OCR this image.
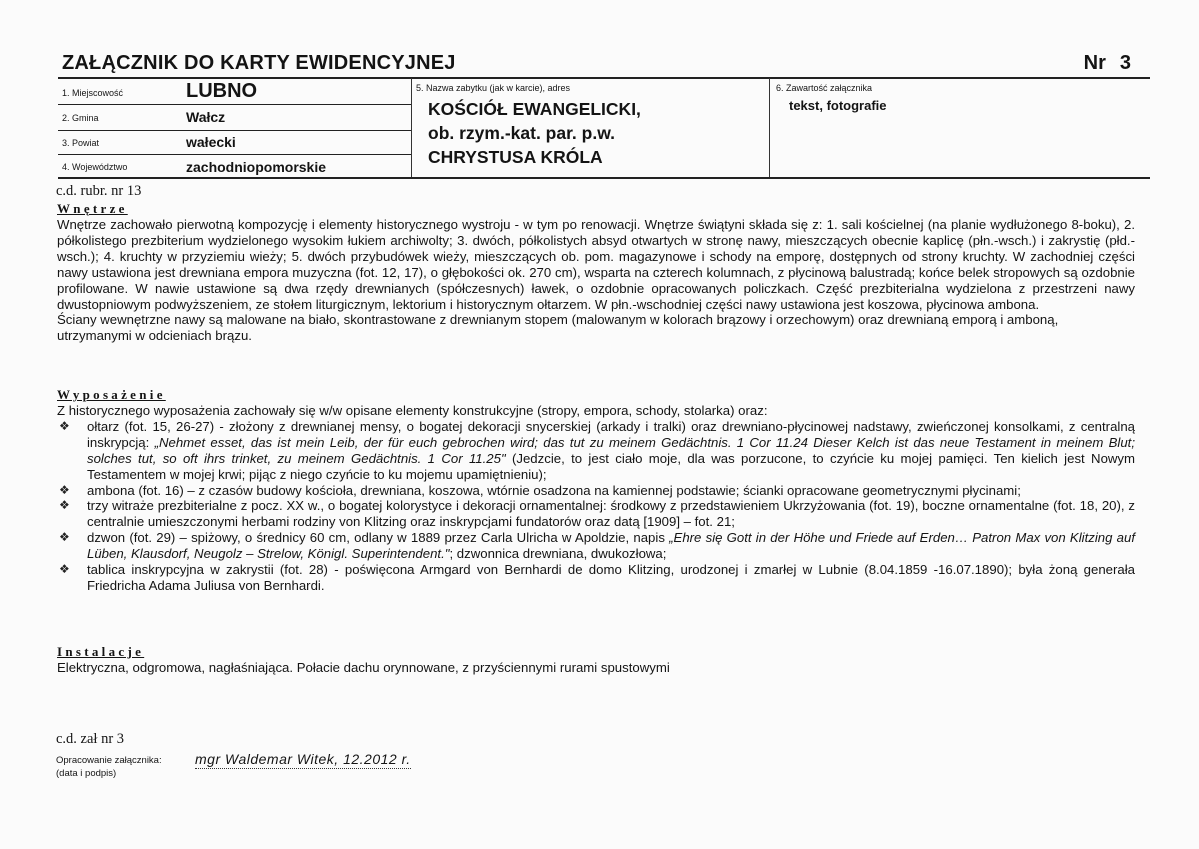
ZAŁĄCZNIK DO KARTY EWIDENCYJNEJ	Nr 3
1. Miejscowość	LUBNO
2. Gmina	Wałcz
3. Powiat	wałecki
4. Województwo	zachodniopomorskie
5. Nazwa zabytku (jak w karcie), adres
KOŚCIÓŁ EWANGELICKI,
ob. rzym.-kat. par. p.w.
CHRYSTUSA KRÓLA
6. Zawartość załącznika
tekst, fotografie
c.d. rubr. nr 13
Wnętrze

Wnętrze zachowało pierwotną kompozycję i elementy historycznego wystroju - w tym po renowacji. Wnętrze świątyni składa się z: 1. sali kościelnej (na planie wydłużonego 8-boku), 2. półkolistego prezbiterium wydzielonego wysokim łukiem archiwolty; 3. dwóch, półkolistych absyd otwartych w stronę nawy, mieszczących obecnie kaplicę (płn.-wsch.) i zakrystię (płd.-wsch.); 4. kruchty w przyziemiu wieży; 5. dwóch przybudówek wieży, mieszczących ob. pom. magazynowe i schody na emporę, dostępnych od strony kruchty. W zachodniej części nawy ustawiona jest drewniana empora muzyczna (fot. 12, 17), o głębokości ok. 270 cm), wsparta na czterech kolumnach, z płycinową balustradą; końce belek stropowych są ozdobnie profilowane. W nawie ustawione są dwa rzędy drewnianych (spółczesnych) ławek, o ozdobnie opracowanych policzkach. Część prezbiterialna wydzielona z przestrzeni nawy dwustopniowym podwyższeniem, ze stołem liturgicznym, lektorium i historycznym ołtarzem. W płn.-wschodniej części nawy ustawiona jest koszowa, płycinowa ambona.

Ściany wewnętrzne nawy są malowane na biało, skontrastowane z drewnianym stopem (malowanym w kolorach brązowy i orzechowym) oraz drewnianą emporą i amboną, utrzymanymi w odcieniach brązu.

Wyposażenie

Z historycznego wyposażenia zachowały się w/w opisane elementy konstrukcyjne (stropy, empora, schody, stolarka) oraz:

❖ ołtarz (fot. 15, 26-27) - złożony z drewnianej mensy, o bogatej dekoracji snycerskiej (arkady i tralki) oraz drewniano-płycinowej nadstawy, zwieńczonej konsolkami, z centralną inskrypcją: „Nehmet esset, das ist mein Leib, der für euch gebrochen wird; das tut zu meinem Gedächtnis. 1 Cor 11.24 Dieser Kelch ist das neue Testament in meinem Blut; solches tut, so oft ihrs trinket, zu meinem Gedächtnis. 1 Cor 11.25" (Jedzcie, to jest ciało moje, dla was porzucone, to czyńcie ku mojej pamięci. Ten kielich jest Nowym Testamentem w mojej krwi; pijąc z niego czyńcie to ku mojemu upamiętnieniu);
❖ ambona (fot. 16) – z czasów budowy kościoła, drewniana, koszowa, wtórnie osadzona na kamiennej podstawie; ścianki opracowane geometrycznymi płycinami;
❖ trzy witraże prezbiterialne z pocz. XX w., o bogatej kolorystyce i dekoracji ornamentalnej: środkowy z przedstawieniem Ukrzyżowania (fot. 19), boczne ornamentalne (fot. 18, 20), z centralnie umieszczonymi herbami rodziny von Klitzing oraz inskrypcjami fundatorów oraz datą [1909] – fot. 21;
❖ dzwon (fot. 29) – spiżowy, o średnicy 60 cm, odlany w 1889 przez Carla Ulricha w Apoldzie, napis „Ehre się Gott in der Höhe und Friede auf Erden… Patron Max von Klitzing auf Lüben, Klausdorf, Neugolz – Strelow, Königl. Superintendent."; dzwonnica drewniana, dwukozłowa;
❖ tablica inskrypcyjna w zakrystii (fot. 28) - poświęcona Armgard von Bernhardi de domo Klitzing, urodzonej i zmarłej w Lubnie (8.04.1859 -16.07.1890); była żoną generała Friedricha Adama Juliusa von Bernhardi.
Instalacje

Elektryczna, odgromowa, nagłaśniająca. Połacie dachu orynnowane, z przyściennymi rurami spustowymi

c.d. zał nr 3
Opracowanie załącznika:
(data i podpis)
mgr Waldemar Witek, 12.2012 r.
